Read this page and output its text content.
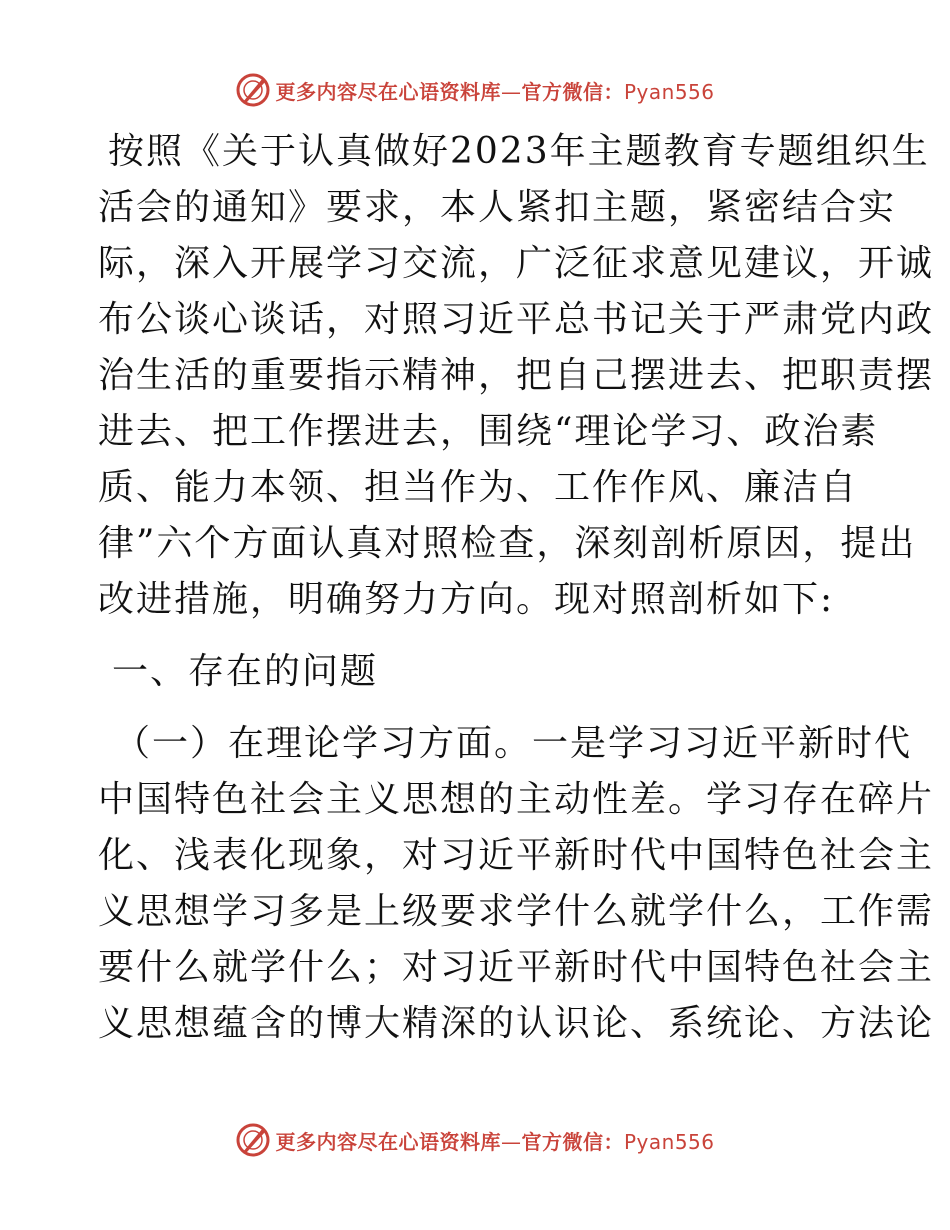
更多内容尽在心语资料库—官方微信：Pyan556
按照《关于认真做好2023年主题教育专题组织生
活会的通知》要求，本人紧扣主题，紧密结合实
际，深入开展学习交流，广泛征求意见建议，开诚
布公谈心谈话，对照习近平总书记关于严肃党内政
治生活的重要指示精神，把自己摆进去、把职责摆
进去、把工作摆进去，围绕“理论学习、政治素
质、能力本领、担当作为、工作作风、廉洁自
律”六个方面认真对照检查，深刻剖析原因，提出
改进措施，明确努力方向。现对照剖析如下:
一、存在的问题
（一）在理论学习方面。一是学习习近平新时代
中国特色社会主义思想的主动性差。学习存在碎片
化、浅表化现象，对习近平新时代中国特色社会主
义思想学习多是上级要求学什么就学什么，工作需
要什么就学什么；对习近平新时代中国特色社会主
义思想蕴含的博大精深的认识论、系统论、方法论
更多内容尽在心语资料库—官方微信：Pyan556
